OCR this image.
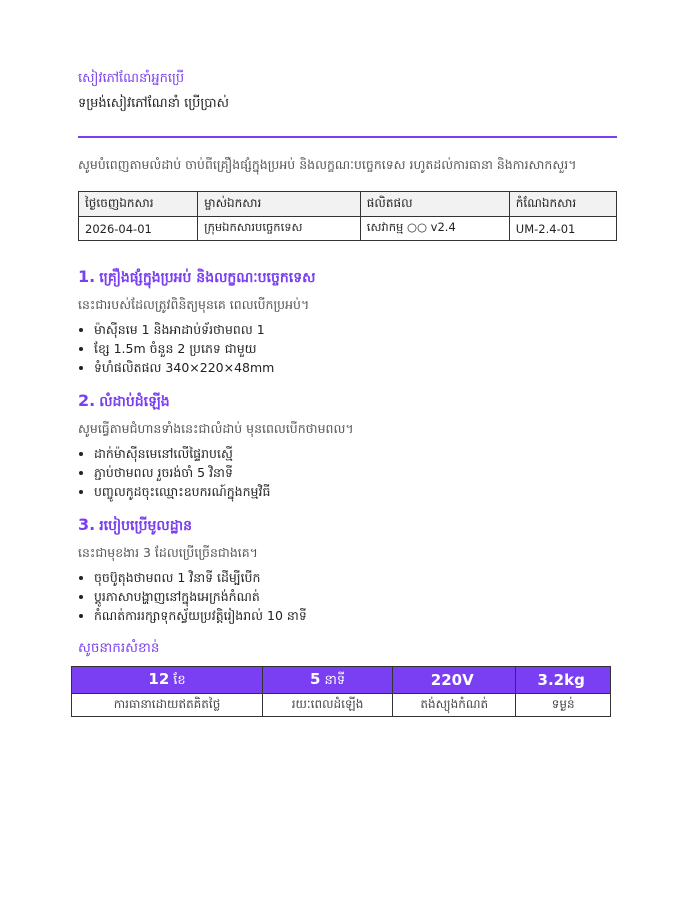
សៀវភៅណែនាំអ្នកប្រើ

ទម្រង់សៀវភៅណែនាំ ប្រើប្រាស់

សូមបំពេញតាមលំដាប់ ចាប់ពីគ្រឿងផ្សំក្នុងប្រអប់ និងលក្ខណៈបច្ចេកទេស រហូតដល់ការធានា និងការសាកសួរ។

ថ្ងៃចេញឯកសារ	ម្ចាស់ឯកសារ	ផលិតផល	កំណែឯកសារ
2026-04-01	ក្រុមឯកសារបច្ចេកទេស	សេវាកម្ម ○○ v2.4	UM-2.4-01
1. គ្រឿងផ្សំក្នុងប្រអប់ និងលក្ខណៈបច្ចេកទេស

នេះជារបស់ដែលត្រូវពិនិត្យមុនគេ ពេលបើកប្រអប់។

• ម៉ាស៊ីនមេ 1 និងអាដាប់ទ័រថាមពល 1
• ខ្សែ 1.5m ចំនួន 2 ប្រភេទ ជាមួយ
• ទំហំផលិតផល 340×220×48mm
2. លំដាប់ដំឡើង

សូមធ្វើតាមជំហានទាំងនេះជាលំដាប់ មុនពេលបើកថាមពល។

• ដាក់ម៉ាស៊ីនមេនៅលើផ្ទៃរាបស្មើ
• ភ្ជាប់ថាមពល រួចរង់ចាំ 5 វិនាទី
• បញ្ចូលកូដចុះឈ្មោះឧបករណ៍ក្នុងកម្មវិធី
3. របៀបប្រើមូលដ្ឋាន

នេះជាមុខងារ 3 ដែលប្រើច្រើនជាងគេ។

• ចុចប៊ូតុងថាមពល 1 វិនាទី ដើម្បីបើក
• ប្ដូរភាសាបង្ហាញនៅក្នុងអេក្រង់កំណត់
• កំណត់ការរក្សាទុកស្វ័យប្រវត្តិរៀងរាល់ 10 នាទី

សូចនាករសំខាន់

12 ខែ	5 នាទី	220V	3.2kg
ការធានាដោយឥតគិតថ្លៃ	រយៈពេលដំឡើង	តង់ស្យុងកំណត់	ទម្ងន់
